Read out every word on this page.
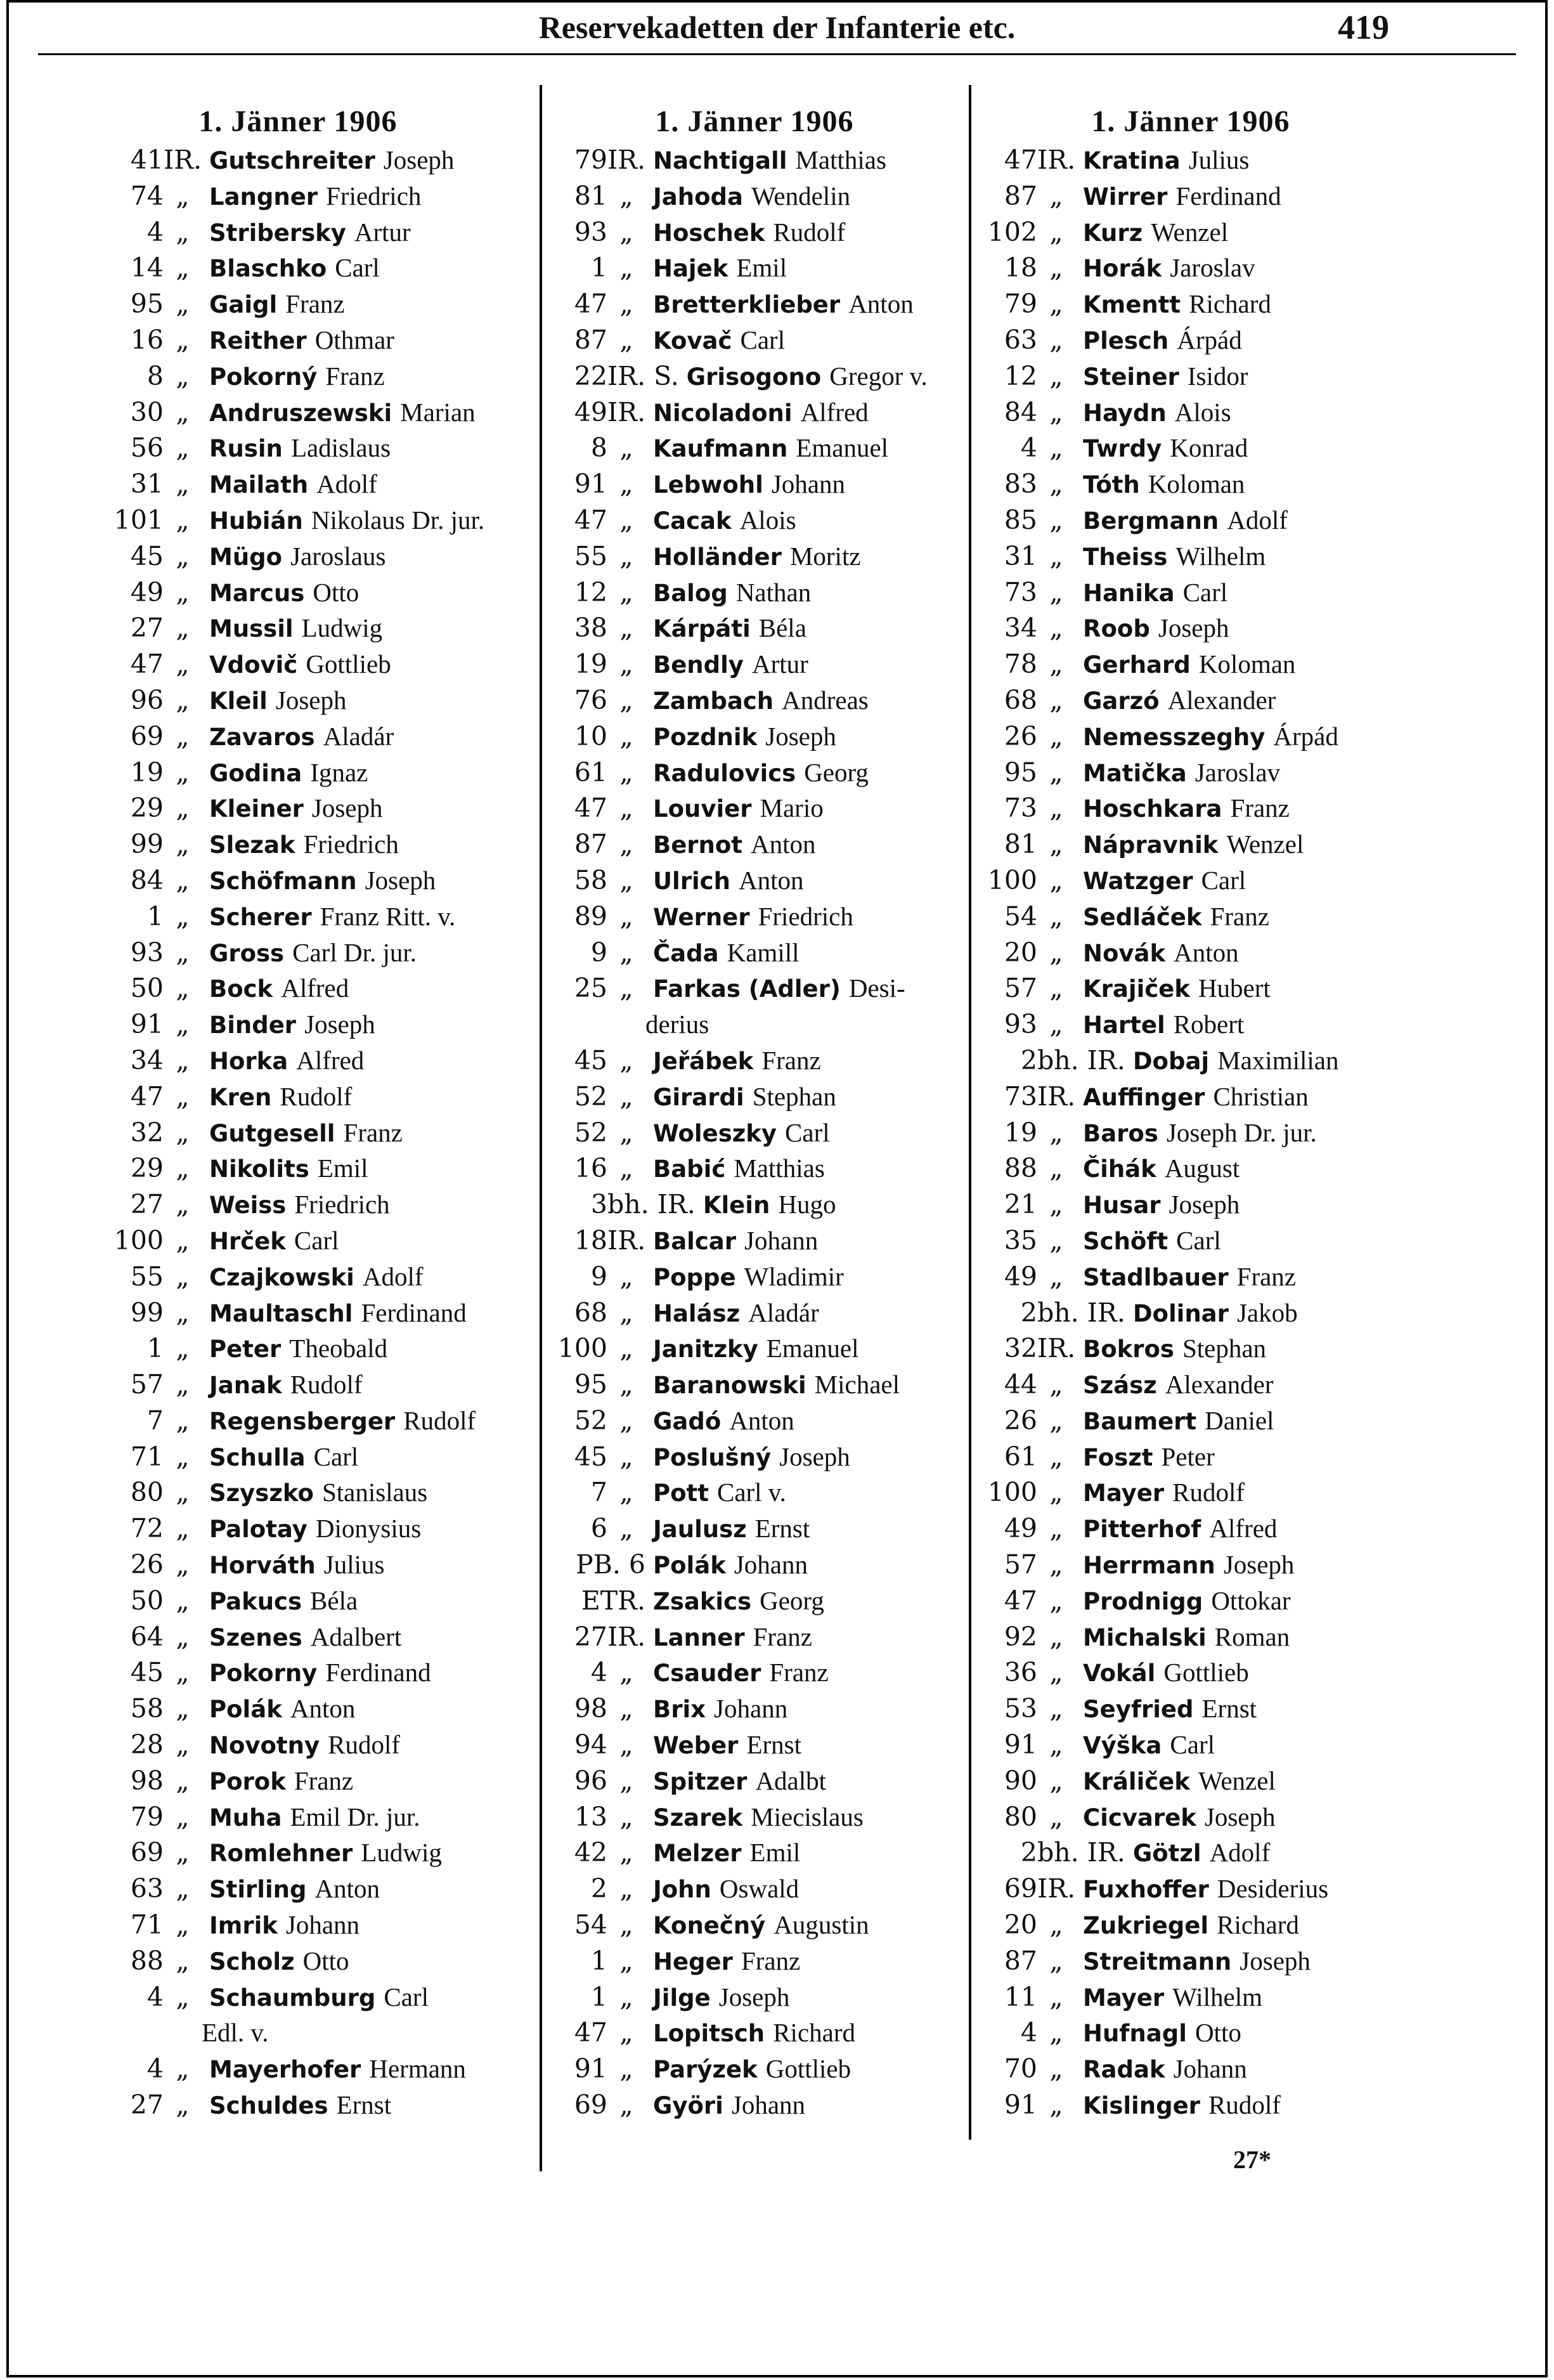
Reservekadetten der Infanterie etc.	419
1. Jänner 1906
41 IR. Gutschreiter Joseph
74 „ Langner Friedrich
4 „ Stribersky Artur
14 „ Blaschko Carl
95 „ Gaigl Franz
16 „ Reither Othmar
8 „ Pokorný Franz
30 „ Andruszewski Marian
56 „ Rusin Ladislaus
31 „ Mailath Adolf
101 „ Hubián Nikolaus Dr. jur.
45 „ Mügo Jaroslaus
49 „ Marcus Otto
27 „ Mussil Ludwig
47 „ Vdovič Gottlieb
96 „ Kleil Joseph
69 „ Zavaros Aladár
19 „ Godina Ignaz
29 „ Kleiner Joseph
99 „ Slezak Friedrich
84 „ Schöfmann Joseph
1 „ Scherer Franz Ritt. v.
93 „ Gross Carl Dr. jur.
50 „ Bock Alfred
91 „ Binder Joseph
34 „ Horka Alfred
47 „ Kren Rudolf
32 „ Gutgesell Franz
29 „ Nikolits Emil
27 „ Weiss Friedrich
100 „ Hrček Carl
55 „ Czajkowski Adolf
99 „ Maultaschl Ferdinand
1 „ Peter Theobald
57 „ Janak Rudolf
7 „ Regensberger Rudolf
71 „ Schulla Carl
80 „ Szyszko Stanislaus
72 „ Palotay Dionysius
26 „ Horváth Julius
50 „ Pakucs Béla
64 „ Szenes Adalbert
45 „ Pokorny Ferdinand
58 „ Polák Anton
28 „ Novotny Rudolf
98 „ Porok Franz
79 „ Muha Emil Dr. jur.
69 „ Romlehner Ludwig
63 „ Stirling Anton
71 „ Imrik Johann
88 „ Scholz Otto
4 „ Schaumburg Carl
Edl. v.
4 „ Mayerhofer Hermann
27 „ Schuldes Ernst
1. Jänner 1906
79 IR. Nachtigall Matthias
81 „ Jahoda Wendelin
93 „ Hoschek Rudolf
1 „ Hajek Emil
47 „ Bretterklieber Anton
87 „ Kovač Carl
22 IR. S. Grisogono Gregor v.
49 IR. Nicoladoni Alfred
8 „ Kaufmann Emanuel
91 „ Lebwohl Johann
47 „ Cacak Alois
55 „ Holländer Moritz
12 „ Balog Nathan
38 „ Kárpáti Béla
19 „ Bendly Artur
76 „ Zambach Andreas
10 „ Pozdnik Joseph
61 „ Radulovics Georg
47 „ Louvier Mario
87 „ Bernot Anton
58 „ Ulrich Anton
89 „ Werner Friedrich
9 „ Čada Kamill
25 „ Farkas (Adler) Desi-
derius
45 „ Jeřábek Franz
52 „ Girardi Stephan
52 „ Woleszky Carl
16 „ Babić Matthias
3 bh. IR. Klein Hugo
18 IR. Balcar Johann
9 „ Poppe Wladimir
68 „ Halász Aladár
100 „ Janitzky Emanuel
95 „ Baranowski Michael
52 „ Gadó Anton
45 „ Poslušný Joseph
7 „ Pott Carl v.
6 „ Jaulusz Ernst
PB. 6 Polák Johann
ETR. Zsakics Georg
27 IR. Lanner Franz
4 „ Csauder Franz
98 „ Brix Johann
94 „ Weber Ernst
96 „ Spitzer Adalbt
13 „ Szarek Miecislaus
42 „ Melzer Emil
2 „ John Oswald
54 „ Konečný Augustin
1 „ Heger Franz
1 „ Jilge Joseph
47 „ Lopitsch Richard
91 „ Parýzek Gottlieb
69 „ Györi Johann
1. Jänner 1906
47 IR. Kratina Julius
87 „ Wirrer Ferdinand
102 „ Kurz Wenzel
18 „ Horák Jaroslav
79 „ Kmentt Richard
63 „ Plesch Árpád
12 „ Steiner Isidor
84 „ Haydn Alois
4 „ Twrdy Konrad
83 „ Tóth Koloman
85 „ Bergmann Adolf
31 „ Theiss Wilhelm
73 „ Hanika Carl
34 „ Roob Joseph
78 „ Gerhard Koloman
68 „ Garzó Alexander
26 „ Nemesszeghy Árpád
95 „ Matička Jaroslav
73 „ Hoschkara Franz
81 „ Nápravnik Wenzel
100 „ Watzger Carl
54 „ Sedláček Franz
20 „ Novák Anton
57 „ Krajiček Hubert
93 „ Hartel Robert
2 bh. IR. Dobaj Maximilian
73 IR. Auffinger Christian
19 „ Baros Joseph Dr. jur.
88 „ Čihák August
21 „ Husar Joseph
35 „ Schöft Carl
49 „ Stadlbauer Franz
2 bh. IR. Dolinar Jakob
32 IR. Bokros Stephan
44 „ Szász Alexander
26 „ Baumert Daniel
61 „ Foszt Peter
100 „ Mayer Rudolf
49 „ Pitterhof Alfred
57 „ Herrmann Joseph
47 „ Prodnigg Ottokar
92 „ Michalski Roman
36 „ Vokál Gottlieb
53 „ Seyfried Ernst
91 „ Výška Carl
90 „ Králiček Wenzel
80 „ Cicvarek Joseph
2 bh. IR. Götzl Adolf
69 IR. Fuxhoffer Desiderius
20 „ Zukriegel Richard
87 „ Streitmann Joseph
11 „ Mayer Wilhelm
4 „ Hufnagl Otto
70 „ Radak Johann
91 „ Kislinger Rudolf
27*
